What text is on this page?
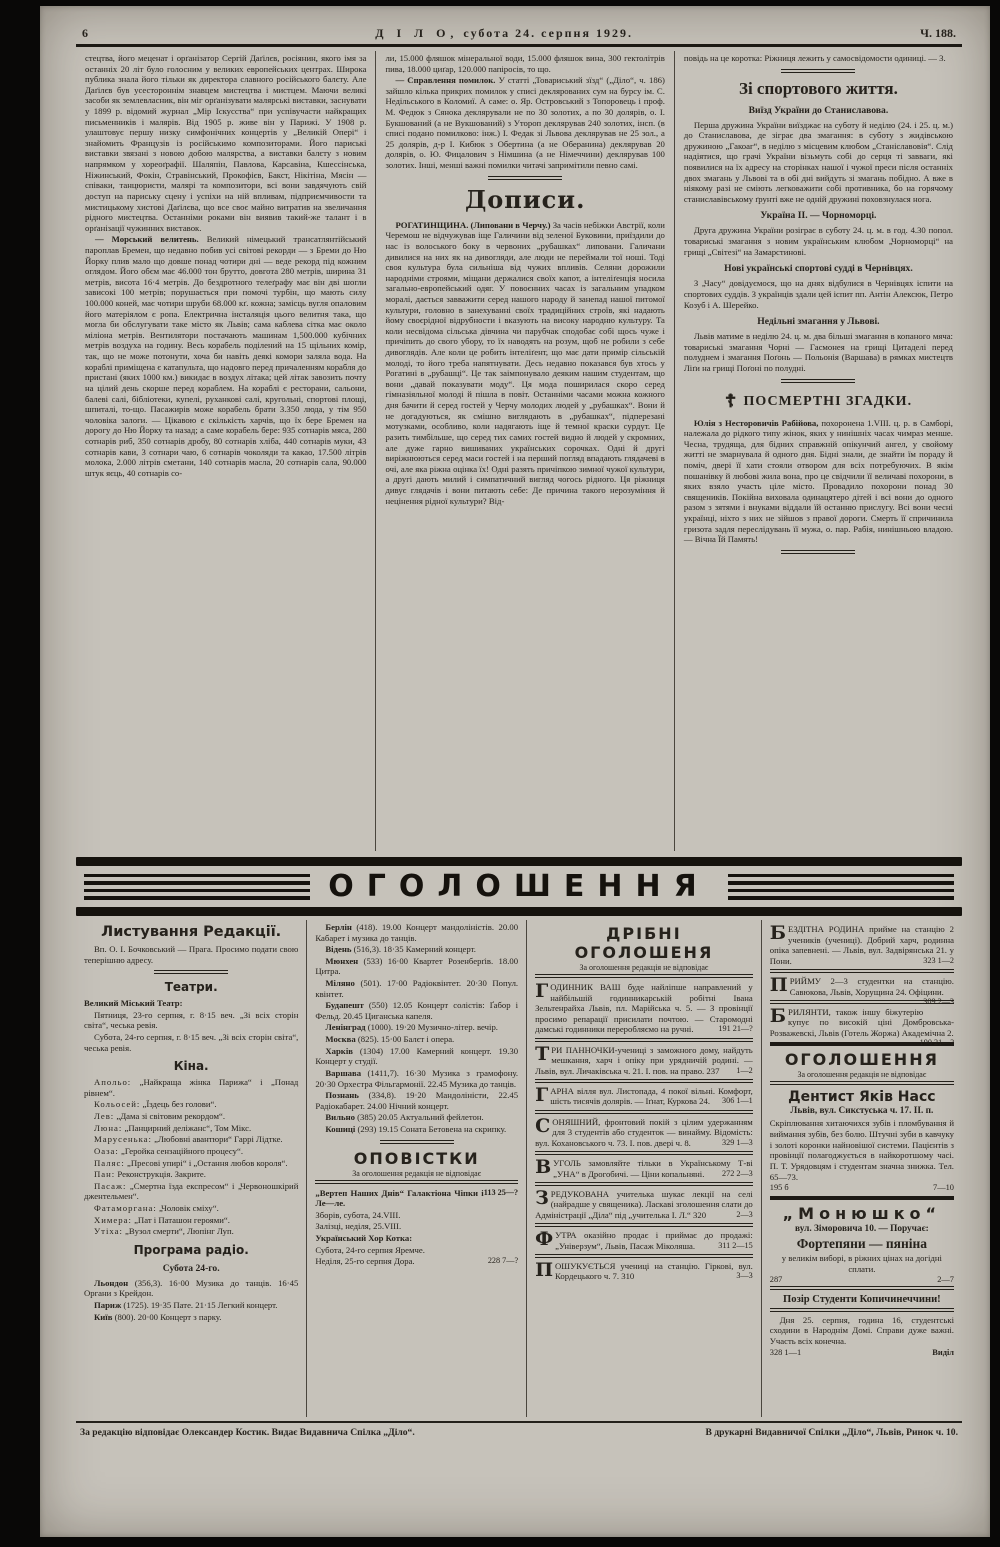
6	Д І Л О, субота 24. серпня 1929.	Ч. 188.

стецтва, його меценат і орґанізатор Сергій Даґілєв, росіянин, якого імя за останніх 20 літ було голосним у великих европейських центрах. Широка публика знала його тільки як директора славного російського балєту. Але Даґілєв був усестороннім знавцем мистецтва і мистцем. Маючи великі засоби як землевласник, він міг орґанізувати малярські виставки, заснувати у 1899 р. відомий журнал „Мір Іскусства“ при успівучасти найкращих письменників і малярів. Від 1905 р. живе він у Парижі. У 1908 р. улаштовує першу низку симфонічних концертів у „Великій Опері“ і знайомить Французів із російськимо композиторами. Його париські виставки звязані з новою добою малярства, а виставки балєту з новим напрямком у хореоґрафії. Шаляпін, Павлова, Карсавіна, Кшессінська, Ніжинський, Фокін, Стравінський, Прокофієв, Бакст, Нікітіна, Мясін — співаки, танцюристи, малярі та композитори, всі вони завдячують свій доступ на париську сцену і успіхи на ній впливам, підприємчивости та мистицькому хистові Даґілєва, що все своє майно витратив на звеличання рідного мистецтва. Останніми роками він виявив такий-же талант і в орґанізації чужинних виставок.

— Морський велитень. Великий німецький трансатлянтійський пароплав Бремен, що недавно побив усі світові рекорди — з Бреми до Ню Йорку плив мало що довше понад чотири дні — веде рекорд під кожним оглядом. Його обєм має 46.000 тон брутто, довгота 280 метрів, ширина 31 метрів, висота 16·4 метрів. До бездротного телеґрафу має він дві шогли зависокі 100 метрів; порушається при помочі турбін, що мають силу 100.000 коней, має чотири шруби 68.000 кґ. кожна; замісць вугля опаловим його матеріялом є ропа. Електрична інсталяція цього велитня така, що могла би обслугувати таке місто як Львів; сама каблева сітка має около міліона метрів. Вентилятори постачають машинам 1,500.000 кубічних метрів воздуха на годину. Весь корабель поділений на 15 щільних комір, так, що не може потонути, хоча би навіть деякі комори заляла вода. На кораблі приміщена є катапульта, що надовго перед причаленням корабля до пристані (яких 1000 км.) викидає в воздух літака; цей літак завозить почту на цілий день скорше перед кораблем. На кораблі є ресторани, сальони, балеві салі, бібліотеки, купелі, руханкові салі, кругольні, спортові площі, шпиталі, то-що. Пасажирів може корабель брати 3.350 люда, у тім 950 чоловіка залоги. — Цікавою є скількість харчів, що їх бере Бремен на дорогу до Ню Йорку та назад; а саме корабель бере: 935 сотнарів мяса, 280 сотнарів риб, 350 сотнарів дробу, 80 сотнарів хліба, 440 сотнарів муки, 43 сотнарів кави, 3 сотнари чаю, 6 сотнарів чоколяди та какао, 17.500 літрів молока, 2.000 літрів сметани, 140 сотнарів масла, 20 сотнарів сала, 90.000 штук яєць, 40 сотнарів со-

ли, 15.000 фляшок мінеральної води, 15.000 фляшок вина, 300 гектолітрів пива, 18.000 циґар, 120.000 папіросів, то що.

— Справлення помилок. У статті „Товариський зїзд“ („Діло“, ч. 186) зайшло кілька прикрих помилок у списі деклярованих сум на бурсу ім. С. Недільського в Коломиї. А саме: о. Яр. Островський з Топоровець і проф. М. Федюк з Сянока деклярували не по 30 золотих, а по 30 долярів, о. І. Букшований (а не Вукшований) з Утороп деклярував 240 золотих, інсп. (в списі подано помилково: інж.) І. Федак зі Львова деклярував не 25 зол., а 25 долярів, д-р І. Кибюк з Обертина (а не Оберанина) деклярував 20 долярів, о. Ю. Фицалович з Німшина (а не Німеччини) деклярував 100 золотих. Інші, менші важні помилки читачі запримітили певно самі.

Дописи.

РОГАТИНЩИНА. (Липовани в Черчу.) За часів небіжки Австрії, коли Черемош не відчужував іще Галичини від зеленої Буковини, приїздили до нас із волоського боку в червоних „рубашках“ липовани. Галичани дивилися на них як на дивогляди, але люди не переймали тої ноші. Тоді своя культура була сильніша від чужих впливів. Селяни дорожили народніми строями, міщани держалися своїх капот, а інтеліґенція носила загально-европейський одяг. У повоєнних часах із загальним упадком моралі, дається завважити серед нашого народу й занепад нашої питомої культури, головно в занехуванні своїх традиційних строїв, які надають йому своєрідної відрубности і вказують на високу народню культуру. Та коли несвідома сільська дівчина чи парубчак сподобає собі щось чуже і причіпить до свого убору, то їх наводять на розум, щоб не робили з себе дивоглядів. Але коли це робить інтеліґент, що має дати примір сільській молоді, то його треба напятнувати. Десь недавно показався був хтось у Рогатині в „рубашці“. Це так заімпонувало деяким нашим студентам, що вони „давай показувати моду“. Ця мода поширилася скоро серед гімназіяльної молоді й пішла в повіт. Останніми часами можна кожного дня бачити й серед гостей у Черчу молодих людей у „рубашках“. Вони й не догадуються, як смішно виглядають в „рубашках“, підперезані мотузками, особливо, коли надягають іще й темної краски сурдут. Це разить тимбільше, що серед тих самих гостей видно й людей у скромних, але дуже гарно вишиваних українських сорочках. Одні й другі виріжнюються серед маси гостей і на перший погляд впадають глядачеві в очі, але яка ріжна оцінка їх! Одні разять причіпкою зимної чужої культури, а другі дають милий і симпатичний вигляд чогось рідного. Ця ріжниця дивує глядачів і вони питають себе: Де причина такого нерозуміння й нецінення рідної культури? Від-

повідь на це коротка: Ріжниця лежить у самосвідомости одиниці. — 3.

Зі спортового життя.
Виїзд України до Станиславова.

Перша дружина України виїзджає на суботу й неділю (24. і 25. ц. м.) до Станиславова, де зіграє два змагання: в суботу з жидівською дружиною „Гакоаг“, в неділю з місцевим клюбом „Станіславовія“. Слід надіятися, що грачі України візьмуть собі до серця ті завваги, які появилися на їх адресу на сторінках нашої і чужої преси після останніх двох змагань у Львові та в обі дні вийдуть зі змагань побідно. А вже в ніякому разі не сміють легковажити собі противника, бо на горячому станиславівському ґрунті вже не одній дружині поховзнулася нога.

Україна ІІ. — Чорноморці.

Друга дружина України розіграє в суботу 24. ц. м. в год. 4.30 попол. товариські змагання з новим українським клюбом „Чорноморці“ на грищі „Світезі“ на Замарстинові.

Нові українські спортові судді в Чернівцях.

З „Часу“ довідуємося, що на днях відбулися в Чернівцях іспити на спортових суддів. З українців здали цей іспит пп. Антін Алексюк, Петро Козуб і А. Шерейко.

Недільні змагання у Львові.

Львів матиме в неділю 24. ц. м. два більші змагання в копаного мяча: товариські змагання Чорні — Гасмонея на грищі Цитаделі перед полуднем і змагання Поґонь — Польонія (Варшава) в рямках мистецтв Ліґи на грищі Поґоні по полудні.

☦ ПОСМЕРТНІ ЗГАДКИ.

Юлія з Несторовичів Рабійова, похоронена 1.VIII. ц. р. в Самборі, належала до рідкого типу жінок, яких у нинішніх часах чимраз менше. Чесна, трудяща, для бідних справжній опікунчий ангел, у свойому житті не змарнувала й одного дня. Бідні знали, де знайти їм пораду й поміч, двері її хати стояли отвором для всіх потребуючих. В якім пошанівку й любові жила вона, про це свідчили її величаві похорони, в яких взяло участь ціле місто. Провадило похорони понад 30 священиків. Покійна виховала одинацятеро дітей і всі вони до одного разом з зятями і внуками віддали їй останню прислугу. Всі вони чесні українці, ніхто з них не зійшов з правої дороги. Смерть її спричинила гризота задля переслідувань її мужа, о. пар. Рабія, нинішньою владою. — Вічна Їй Память!

ОГОЛОШЕННЯ
Листування Редакції.

Вп. О. І. Бочковський — Прага. Просимо подати свою теперішню адресу.

Театри.

Великий Міський Театр:

Пятниця, 23-го серпня, г. 8·15 веч. „Зі всіх сторін світа“, чеська ревія.

Субота, 24-го серпня, г. 8·15 веч. „Зі всіх сторін світа“, чеська ревія.

Кіна.

Апольо: „Найкраща жінка Парижа“ і „Понад рівнем“.

Кольосей: „Їздець без голови“.

Лев: „Дама зі світовим рекордом“.

Люна: „Панцирний деліжанс“, Том Мікс.

Марусенька: „Любовні авантюри“ Гаррі Лідтке.

Оаза: „Геройка сензаційного процесу“.

Паляс: „Пресові упирі“ і „Остання любов короля“.

Пан: Реконструкція. Закрите.

Пасаж: „Смертна їзда експресом“ і „Червоношкірий джентельмен“.

Фатаморгана: „Чоловік сміху“.

Химера: „Пат і Паташон героями“.

Утіха: „Вузол смерти“, Люпінг Луп.

Програма радіо.
Субота 24-го.

Льондон (356,3). 16·00 Музика до танців. 16·45 Органи з Крейдон.

Париж (1725). 19·35 Пате. 21·15 Легкий концерт.

Київ (800). 20·00 Концерт з парку.

Берлін (418). 19.00 Концерт мандоліністів. 20.00 Кабарет і музика до танців.

Відень (516,3). 18·35 Камерний концерт.

Мюнхен (533) 16·00 Квартет Розенберґів. 18.00 Цитра.

Міляно (501). 17·00 Радіоквінтет. 20·30 Попул. квінтет.

Будапешт (550) 12.05 Концерт солістів: Ґабор і Фельд. 20.45 Циганська капеля.

Ленінград (1000). 19·20 Музично-літер. вечір.

Москва (825). 15·00 Балєт і опера.

Харків (1304) 17.00 Камерний концерт. 19.30 Концерт у студії.

Варшава (1411,7). 16·30 Музика з грамофону. 20·30 Орхестра Фільгармонії. 22.45 Музика до танців.

Познань (334,8). 19·20 Мандоліністи, 22.45 Радіокабарет. 24.00 Нічний концерт.

Вильно (385) 20.05 Актуальний фейлетон.

Кошиці (293) 19.15 Соната Бетовена на скрипку.

ОПОВІСТКИ

За оголошення редакція не відповідає

113 25—?
„Вертеп Наших Днів“ Галактіона Чіпки і Ле—ле.

Зборів, субота, 24.VIII.

Залізці, неділя, 25.VIII.

Український Хор Котка:

Субота, 24-го серпня Яремче.

228 7—?
Неділя, 25-го серпня Дора.

ДРІБНІ ОГОЛОШЕНЯ

За оголошення редакція не відповідає

ГОДИННИК ВАШ буде найліпше направлений у найбільшій годинникарській робітні Івана Зельтенрайха Львів, пл. Марійська ч. 5. — З провінції просимо репарації присилати почтою. — Старомодні дамські годинники переробляємо на ручні.	191 21—?

ТРИ ПАННОЧКИ-учениці з заможного дому, найдуть мешкання, харч і опіку при урядничій родині. — Львів, вул. Личаківська ч. 21. І. пов. на право. 237 1—2

ГАРНА вілля вул. Листопада, 4 покої вільні. Комфорт, шість тисячів долярів. — Іґнат, Куркова 24. 306 1—1

СОНЯШНИЙ, фронтовий покій з цілим удержанням для 3 студентів або студенток — винайму. Відомість: вул. Кохановського ч. 73. І. пов. двері ч. 8.	329 1—3

ВУГОЛЬ замовляйте тільки в Українському Т-ві „УНА“ в Дрогобичі. — Ціни копальняні. 272 2—3

ЗРЕДУКОВАНА учителька шукає лекції на селі (найрадше у священика). Ласкаві зголошення слати до Адміністрації „Діла“ під „учителька І. Л.“ 320	2—3

ФУТРА оказійно продає і приймає до продажі: „Універзум“, Львів, Пасаж Міколяша.	311 2—15

ПОШУКУЄТЬСЯ учениці на станцію. Гіркові, вул. Кордецького ч. 7. 310	3—3

БЕЗДІТНА РОДИНА прийме на станцію 2 учеників (учениці). Добрий харч, родинна опіка запевнені. — Львів, вул. Задвірянська 21. у Пони.	323 1—2

ПРИЙМУ 2—3 студентки на станцію. Савюкова, Львів, Хорущина 24. Офіцини.
309 2—3

БРИЛЯНТИ, також іншу біжутерію купує по високій ціні Домбровська-Розважевскі, Львів (Готель Жоржа) Академічна 2.
190 21—?

ОГОЛОШЕННЯ

За оголошення редакція не відповідає

Дентист Яків Насс
Львів, вул. Сикстуська ч. 17. ІІ. п.

Скріплювання хитаючихся зубів і пломбування й виймання зубів, без болю. Штучні зуби в кавчуку і золоті коронки найновішої системи. Пацієнтів з провінції полагоджується в найкоротшому часі. П. Т. Урядовцям і студентам значна знижка. Тел. 65—73.

195 б	7—10
„Монюшко“
вул. Зіморовича 10. — Поручає:
Фортепяни — пяніна

у великім виборі, в ріжних цінах на догідні сплати.

287	2—7
Позір Студенти Копичинеччини!

Дня 25. серпня, година 16, студентські сходини в Народнім Домі. Справи дуже важні. Участь всіх конечна.

328 1—1	Виділ
За редакцію відповідає Олександер Костик. Видає Видавнича Спілка „Діло“.	В друкарні Видавничої Спілки „Діло“, Львів, Ринок ч. 10.
